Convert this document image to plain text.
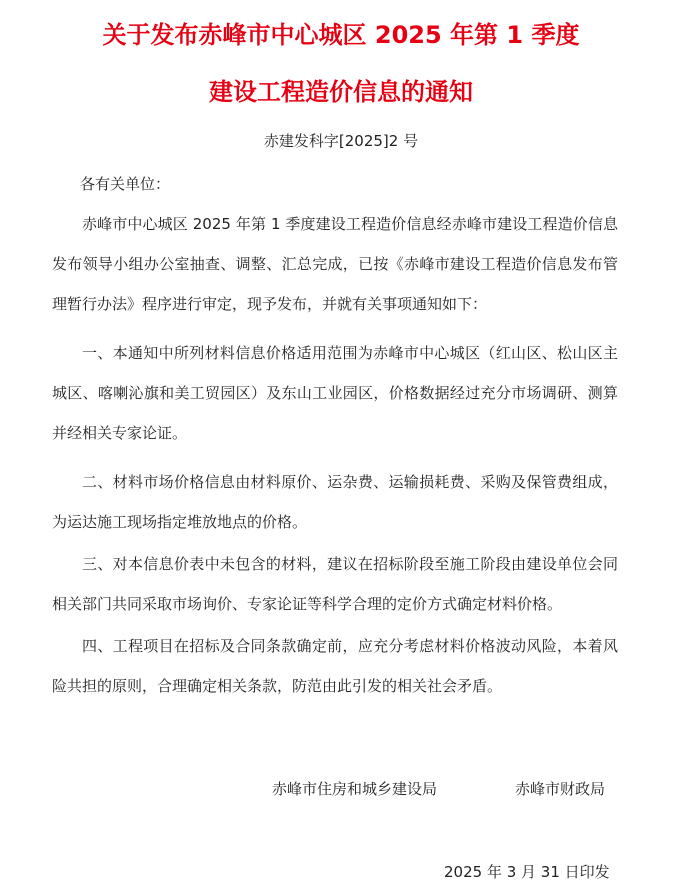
关于发布赤峰市中心城区 2025 年第 1 季度
建设工程造价信息的通知
赤建发科字[2025]2 号
各有关单位：
赤峰市中心城区 2025 年第 1 季度建设工程造价信息经赤峰市建设工程造价信息发布领导小组办公室抽查、调整、汇总完成，已按《赤峰市建设工程造价信息发布管理暂行办法》程序进行审定，现予发布，并就有关事项通知如下：
一、本通知中所列材料信息价格适用范围为赤峰市中心城区（红山区、松山区主城区、喀喇沁旗和美工贸园区）及东山工业园区，价格数据经过充分市场调研、测算并经相关专家论证。
二、材料市场价格信息由材料原价、运杂费、运输损耗费、采购及保管费组成，为运达施工现场指定堆放地点的价格。
三、对本信息价表中未包含的材料，建议在招标阶段至施工阶段由建设单位会同相关部门共同采取市场询价、专家论证等科学合理的定价方式确定材料价格。
四、工程项目在招标及合同条款确定前，应充分考虑材料价格波动风险，本着风险共担的原则，合理确定相关条款，防范由此引发的相关社会矛盾。
赤峰市住房和城乡建设局	赤峰市财政局
2025 年 3 月 31 日印发
